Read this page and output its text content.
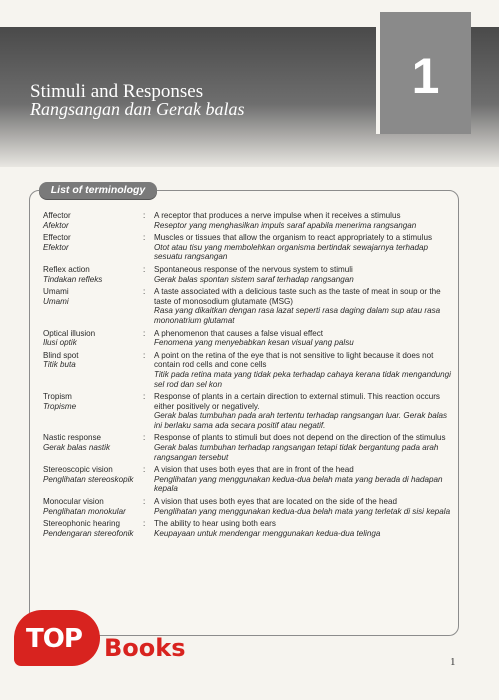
1
Stimuli and Responses
Rangsangan dan Gerak balas
List of terminology
Affector
Afektor
:	A receptor that produces a nerve impulse when it receives a stimulus
Reseptor yang menghasilkan impuls saraf apabila menerima rangsangan
Effector
Efektor
:	Muscles or tissues that allow the organism to react appropriately to a stimulus
Otot atau tisu yang membolehkan organisma bertindak sewajarnya terhadap sesuatu rangsangan
Reflex action
Tindakan refleks
:	Spontaneous response of the nervous system to stimuli
Gerak balas spontan sistem saraf terhadap rangsangan
Umami
Umami
:	A taste associated with a delicious taste such as the taste of meat in soup or the taste of monosodium glutamate (MSG)
Rasa yang dikaitkan dengan rasa lazat seperti rasa daging dalam sup atau rasa mononatrium glutamat
Optical illusion
Ilusi optik
:	A phenomenon that causes a false visual effect
Fenomena yang menyebabkan kesan visual yang palsu
Blind spot
Titik buta
:	A point on the retina of the eye that is not sensitive to light because it does not contain rod cells and cone cells
Titik pada retina mata yang tidak peka terhadap cahaya kerana tidak mengandungi sel rod dan sel kon
Tropism
Tropisme
:	Response of plants in a certain direction to external stimuli. This reaction occurs either positively or negatively.
Gerak balas tumbuhan pada arah tertentu terhadap rangsangan luar. Gerak balas ini berlaku sama ada secara positif atau negatif.
Nastic response
Gerak balas nastik
:	Response of plants to stimuli but does not depend on the direction of the stimulus
Gerak balas tumbuhan terhadap rangsangan tetapi tidak bergantung pada arah rangsangan tersebut
Stereoscopic vision
Penglihatan stereoskopik
:	A vision that uses both eyes that are in front of the head
Penglihatan yang menggunakan kedua-dua belah mata yang berada di hadapan kepala
Monocular vision
Penglihatan monokular
:	A vision that uses both eyes that are located on the side of the head
Penglihatan yang menggunakan kedua-dua belah mata yang terletak di sisi kepala
Stereophonic hearing
Pendengaran stereofonik
:	The ability to hear using both ears
Keupayaan untuk mendengar menggunakan kedua-dua telinga
TOP Books	1
